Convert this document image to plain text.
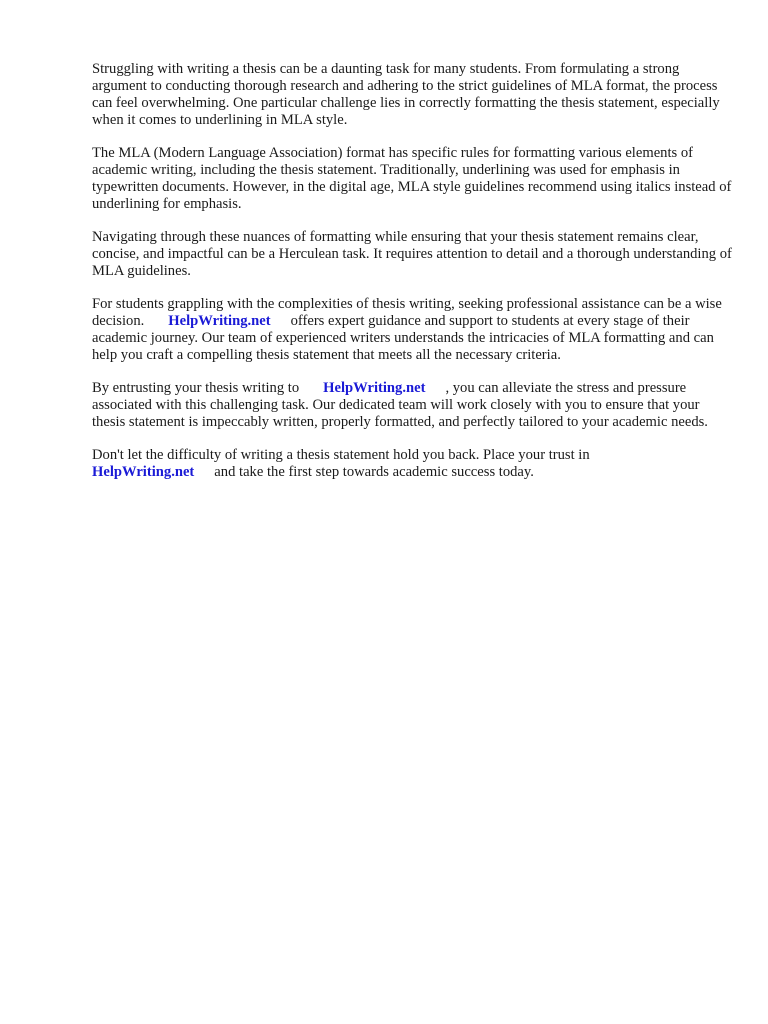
Struggling with writing a thesis can be a daunting task for many students. From formulating a strong argument to conducting thorough research and adhering to the strict guidelines of MLA format, the process can feel overwhelming. One particular challenge lies in correctly formatting the thesis statement, especially when it comes to underlining in MLA style.

The MLA (Modern Language Association) format has specific rules for formatting various elements of academic writing, including the thesis statement. Traditionally, underlining was used for emphasis in typewritten documents. However, in the digital age, MLA style guidelines recommend using italics instead of underlining for emphasis.

Navigating through these nuances of formatting while ensuring that your thesis statement remains clear, concise, and impactful can be a Herculean task. It requires attention to detail and a thorough understanding of MLA guidelines.

For students grappling with the complexities of thesis writing, seeking professional assistance can be a wise decision. HelpWriting.net offers expert guidance and support to students at every stage of their academic journey. Our team of experienced writers understands the intricacies of MLA formatting and can help you craft a compelling thesis statement that meets all the necessary criteria.

By entrusting your thesis writing to HelpWriting.net , you can alleviate the stress and pressure associated with this challenging task. Our dedicated team will work closely with you to ensure that your thesis statement is impeccably written, properly formatted, and perfectly tailored to your academic needs.

Don't let the difficulty of writing a thesis statement hold you back. Place your trust in
HelpWriting.net and take the first step towards academic success today.
